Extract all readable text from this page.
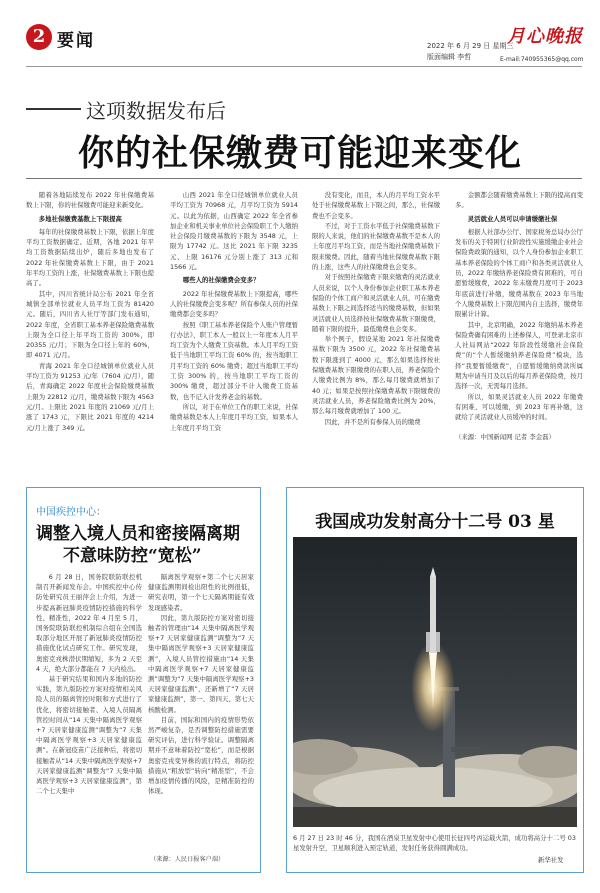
2 要闻	2022 年 6 月 29 日 星期三
版面编辑 李哲
月心晚报
E-mail:740955365@qq.com
这项数据发布后
你的社保缴费可能迎来变化

随着各地陆续发布 2022 年社保缴费基数上下限，你的社保缴费可能迎来新变化。

多地社保缴费基数上下限提高

每年的社保缴费基数上下限，依据上年度平均工资数据确定。近期，各地 2021 年平均工资数据陆续出炉，随后多地也发布了 2022 年社保缴费基数上下限，由于 2021 年平均工资的上涨，社保缴费基数上下限也提高了。

其中，四川省统计局公布 2021 年全省城镇全部单位就业人员平均工资为 81420 元。随后，四川省人社厅等部门发布通知，2022 年度，全省职工基本养老保险缴费基数上限为全口径上年平均工资的 300%，即 20355 元/月；下限为全口径上年的 60%，即 4071 元/月。

青海 2021 年全口径城镇单位就业人员平均工资为 91253 元/年（7604 元/月），随后，青海确定 2022 年度社会保险缴费基数上限为 22812 元/月，缴费基数下限为 4563 元/月。上限比 2021 年度的 21069 元/月上涨了 1743 元，下限比 2021 年度的 4214 元/月上涨了 349 元。

山西 2021 年全口径城镇单位就业人员平均工资为 70968 元，月平均工资为 5914 元。以此为依据，山西确定 2022 年全省参加企业和机关事业单位社会保险职工个人缴纳社会保险月缴费基数的下限为 3548 元，上限为 17742 元。这比 2021 年下限 3235 元、上限 16176 元分别上涨了 313 元和 1566 元。

哪些人的社保缴费会变多？

2022 年社保缴费基数上下限提高，哪些人的社保缴费会变多呢？所有参保人员的社保缴费都会变多吗？

按照《职工基本养老保险个人账户管理暂行办法》，职工本人一般以上一年度本人月平均工资为个人缴费工资基数。本人月平均工资低于当地职工平均工资 60% 的，按当地职工月平均工资的 60% 缴费；超过当地职工平均工资 300% 的，按当地职工平均工资的 300% 缴费，超过部分不计入缴费工资基数，也不记入计发养老金的基数。

所以，对于在单位工作的职工来说，社保缴费基数是本人上年度月平均工资，如果本人上年度月平均工资

没有变化，而且，本人的月平均工资水平处于社保缴费基数上下限之间，那么，社保缴费也不会变多。

不过，对于工资水平低于社保缴费基数下限的人来说，他们的社保缴费基数不是本人的上年度月平均工资，而是当地社保缴费基数下限来缴费。因此，随着当地社保缴费基数下限的上涨，这些人的社保缴费也会变多。

对于按照社保缴费下限来缴费的灵活就业人员来说，以个人身份参加企业职工基本养老保险的个体工商户和灵活就业人员，可在缴费基数上下限之间选择适当的缴费基数，但如果灵活就业人员选择按社保缴费基数下限缴费，随着下限的提升，最低缴费也会变多。

举个例子，假设某地 2021 年社保缴费基数下限为 3500 元，2022 年社保缴费基数下限涨到了 4000 元，那么如果选择按社保缴费基数下限缴费的在职人员，养老保险个人缴费比例为 8%，那么每月缴费就增加了 40 元；如果是按照社保缴费基数下限缴费的灵活就业人员，养老保险缴费比例为 20%，那么每月缴费就增加了 100 元。

因此，并不是所有参保人员的缴费

金额都会随着缴费基数上下限的提高而变多。

灵活就业人员可以申请缓缴社保

根据人社部办公厅、国家税务总局办公厅发布的关于特困行业阶段性实施缓缴企业社会保险费政策的通知，以个人身份参加企业职工基本养老保险的个体工商户和各类灵活就业人员，2022 年缴纳养老保险费有困难的，可自愿暂缓缴费，2022 年未缴费月度可于 2023 年底前进行补缴，缴费基数在 2023 年当地个人缴费基数上下限范围内自主选择，缴费年限累计计算。

其中，北京明确，2022 年缴纳基本养老保险费确有困难的上述参保人，可登录北京市人社局网站“2022 年阶段性缓缴社会保险费”的“个人暂缓缴纳养老保险费”模块，选择“我要暂缓缴费”，自愿暂缓缴纳费款所属期为申请当月及以后的每月养老保险费，按月选择一次，无需每月选择。

所以，如果灵活就业人员 2022 年缴费有困难，可以缓缴，到 2023 年再补缴，这就给了灵活就业人员缓冲的时间。

（来源：中国新闻网 记者 李金磊）
中国疾控中心：
调整入境人员和密接隔离期
不意味防控“宽松”

6 月 28 日，国务院联防联控机制召开新闻发布会。中国疾控中心传防处研究员王丽萍会上介绍，为进一步提高新冠肺炎疫情防控措施的科学性、精准性，2022 年 4 月至 5 月，国务院联防联控机制综合组在全国选取部分地区开展了新冠肺炎疫情防控措施优化试点研究工作。研究发现，奥密克戎株潜伏期缩短，多为 2 天至 4 天，绝大部分都能在 7 天内检出。

基于研究结果和国内多地的防控实践，第九版防控方案对疫情相关风险人员的隔离管控时限和方式进行了优化，将密切接触者、入境人员隔离管控时间从“14 天集中隔离医学观察+7 天居家健康监测”调整为“7 天集中隔离医学观察+3 天居家健康监测”。在新冠疫苗广泛接种后，将密切接触者从“14 天集中隔离医学观察+7 天居家健康监测”调整为“7 天集中隔离医学观察+3 天居家健康监测”，第二个七天集中

隔离医学观察+第二个七天居家健康监测期间检出阳性的比例很低，研究表明，第一个七天隔离期能有效发现感染者。

因此，第九版防控方案对密切接触者的管理由“14 天集中隔离医学观察+7 天居家健康监测”调整为“7 天集中隔离医学观察+3 天居家健康监测”，入境人员管控措施由“14 天集中隔离医学观察+7 天居家健康监测”调整为“7 天集中隔离医学观察+3 天居家健康监测”，还新增了“7 天居家健康监测”，第一、第四天、第七天核酸检测。

目前，国际和国内的疫情形势依然严峻复杂，是否调整防控措施需要研究评估，进行科学验证。调整隔离期并不意味着防控“宽松”，而是根据奥密克戎变异株的流行特点，将防控措施从“粗放型”转向“精准型”，不会增加疫情传播的风险，是精准防控的体现。

（来源：人民日报客户端）
我国成功发射高分十二号 03 星
6 月 27 日 23 时 46 分，我国在酒泉卫星发射中心使用长征四号丙运载火箭，成功将高分十二号 03 星发射升空，卫星顺利进入预定轨道，发射任务获得圆满成功。
新华社发
